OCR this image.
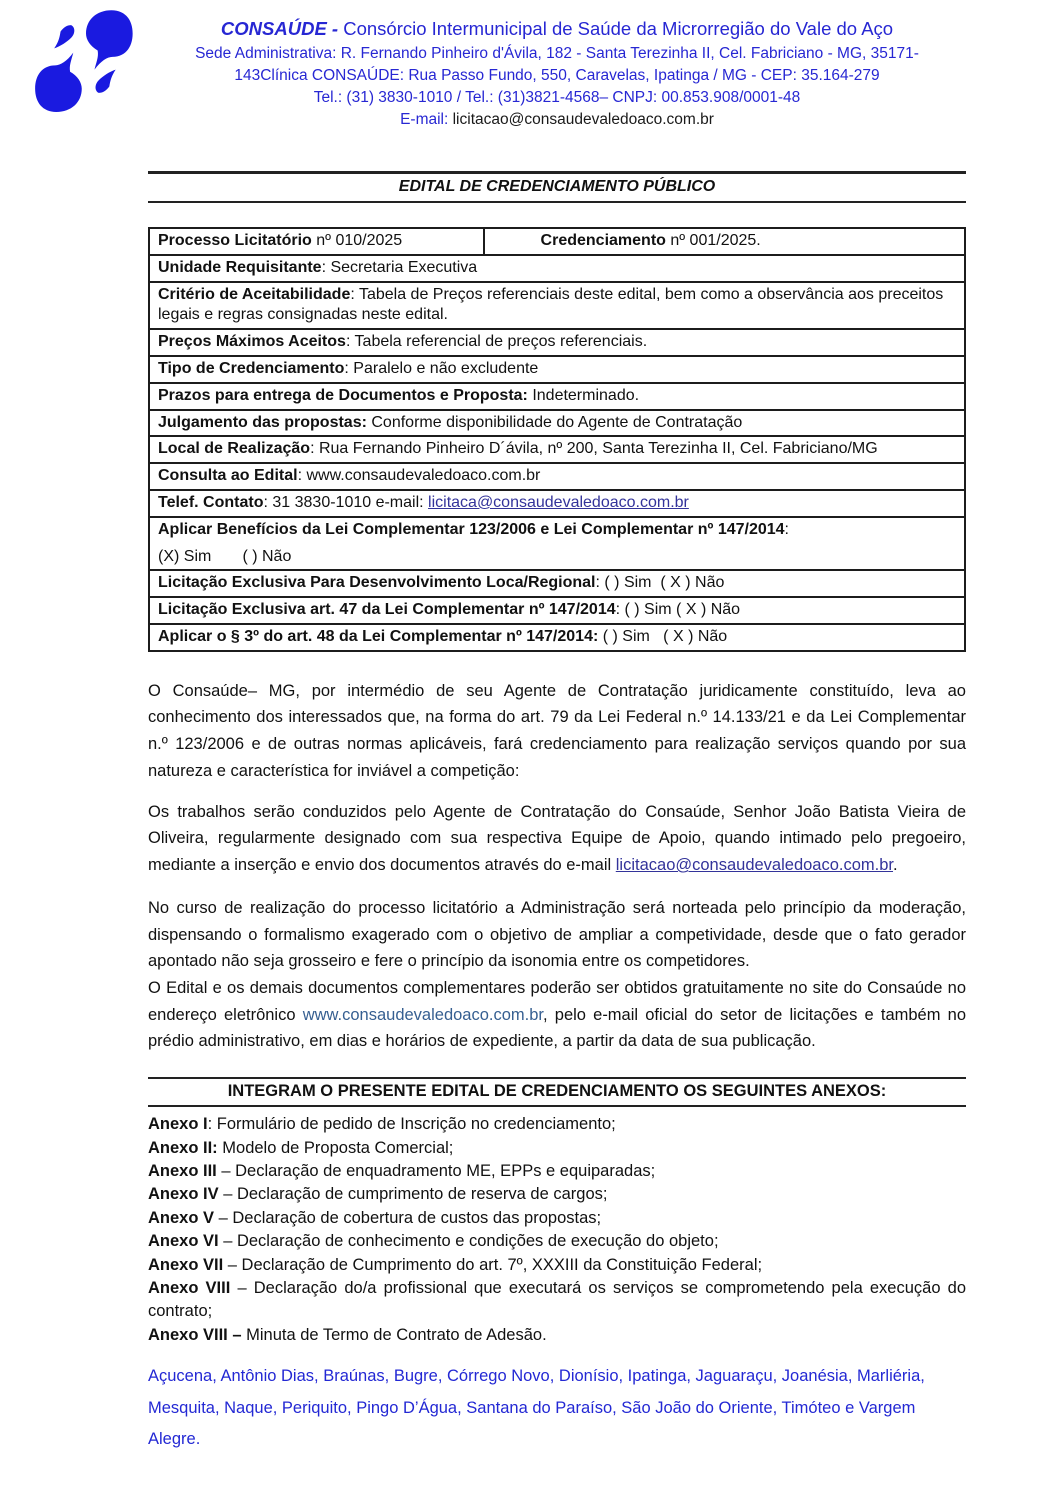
CONSAÚDE - Consórcio Intermunicipal de Saúde da Microrregião do Vale do Aço
Sede Administrativa: R. Fernando Pinheiro d'Ávila, 182 - Santa Terezinha II, Cel. Fabriciano - MG, 35171-
143Clínica CONSAÚDE: Rua Passo Fundo, 550, Caravelas, Ipatinga / MG - CEP: 35.164-279
Tel.: (31) 3830-1010 / Tel.: (31)3821-4568– CNPJ: 00.853.908/0001-48
E-mail: licitacao@consaudevaledoaco.com.br
EDITAL DE CREDENCIAMENTO PÚBLICO
Processo Licitatório nº 010/2025	Credenciamento nº 001/2025.
Unidade Requisitante: Secretaria Executiva
Critério de Aceitabilidade: Tabela de Preços referenciais deste edital, bem como a observância aos preceitos legais e regras consignadas neste edital.
Preços Máximos Aceitos: Tabela referencial de preços referenciais.
Tipo de Credenciamento: Paralelo e não excludente
Prazos para entrega de Documentos e Proposta: Indeterminado.
Julgamento das propostas: Conforme disponibilidade do Agente de Contratação
Local de Realização: Rua Fernando Pinheiro D´ávila, nº 200, Santa Terezinha II, Cel. Fabriciano/MG
Consulta ao Edital: www.consaudevaledoaco.com.br
Telef. Contato: 31 3830-1010 e-mail: licitaca@consaudevaledoaco.com.br

Aplicar Benefícios da Lei Complementar 123/2006 e Lei Complementar nº 147/2014:
(X) Sim       ( ) Não

Licitação Exclusiva Para Desenvolvimento Loca/Regional: ( ) Sim  ( X ) Não
Licitação Exclusiva art. 47 da Lei Complementar nº 147/2014: ( ) Sim ( X ) Não
Aplicar o § 3º do art. 48 da Lei Complementar nº 147/2014: ( ) Sim   ( X ) Não

O Consaúde– MG, por intermédio de seu Agente de Contratação juridicamente constituído, leva ao conhecimento dos interessados que, na forma do art. 79 da Lei Federal n.º 14.133/21 e da Lei Complementar n.º 123/2006 e de outras normas aplicáveis, fará credenciamento para realização serviços quando por sua natureza e característica for inviável a competição:

Os trabalhos serão conduzidos pelo Agente de Contratação do Consaúde, Senhor João Batista Vieira de Oliveira, regularmente designado com sua respectiva Equipe de Apoio, quando intimado pelo pregoeiro, mediante a inserção e envio dos documentos através do e-mail licitacao@consaudevaledoaco.com.br.

No curso de realização do processo licitatório a Administração será norteada pelo princípio da moderação, dispensando o formalismo exagerado com o objetivo de ampliar a competividade, desde que o fato gerador apontado não seja grosseiro e fere o princípio da isonomia entre os competidores.

O Edital e os demais documentos complementares poderão ser obtidos gratuitamente no site do Consaúde no endereço eletrônico www.consaudevaledoaco.com.br, pelo e-mail oficial do setor de licitações e também no prédio administrativo, em dias e horários de expediente, a partir da data de sua publicação.

INTEGRAM O PRESENTE EDITAL DE CREDENCIAMENTO OS SEGUINTES ANEXOS:
Anexo I: Formulário de pedido de Inscrição no credenciamento;
Anexo II: Modelo de Proposta Comercial;
Anexo III – Declaração de enquadramento ME, EPPs e equiparadas;
Anexo IV – Declaração de cumprimento de reserva de cargos;
Anexo V – Declaração de cobertura de custos das propostas;
Anexo VI – Declaração de conhecimento e condições de execução do objeto;
Anexo VII – Declaração de Cumprimento do art. 7º, XXXIII da Constituição Federal;
Anexo VIII – Declaração do/a profissional que executará os serviços se comprometendo pela execução do contrato;
Anexo VIII – Minuta de Termo de Contrato de Adesão.
Açucena, Antônio Dias, Braúnas, Bugre, Córrego Novo, Dionísio, Ipatinga, Jaguaraçu, Joanésia, Marliéria, Mesquita, Naque, Periquito, Pingo D’Água, Santana do Paraíso, São João do Oriente, Timóteo e Vargem Alegre.
